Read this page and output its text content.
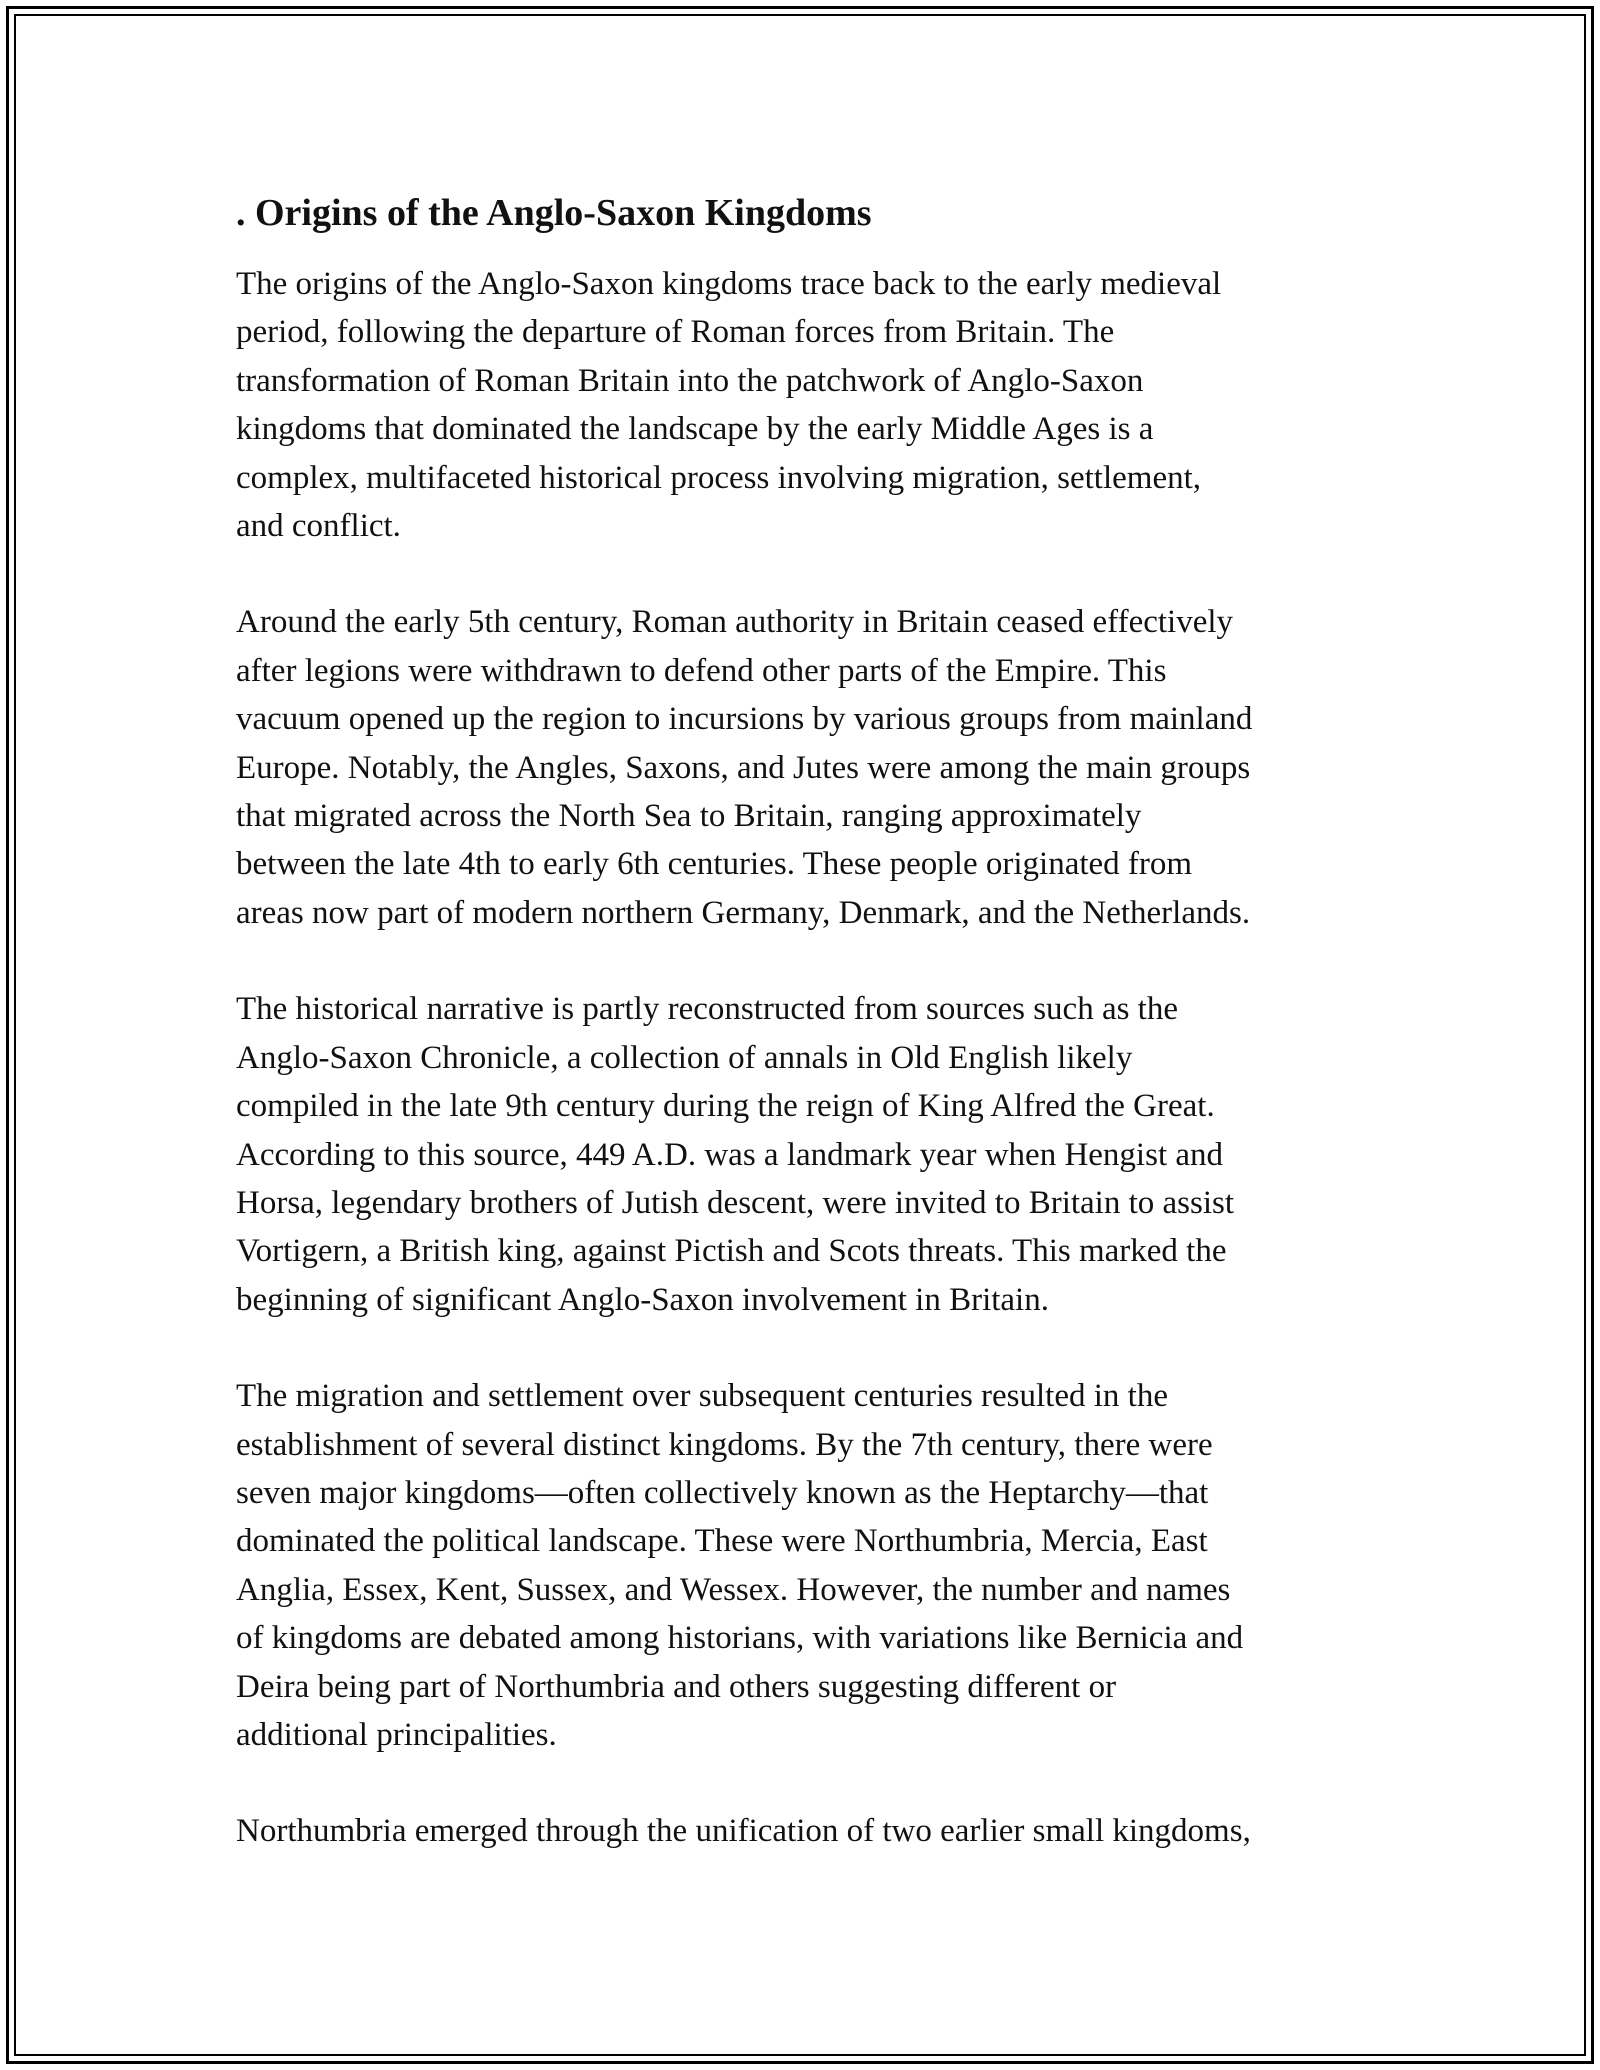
. Origins of the Anglo-Saxon Kingdoms

The origins of the Anglo-Saxon kingdoms trace back to the early medieval
period, following the departure of Roman forces from Britain. The
transformation of Roman Britain into the patchwork of Anglo-Saxon
kingdoms that dominated the landscape by the early Middle Ages is a
complex, multifaceted historical process involving migration, settlement,
and conflict.

Around the early 5th century, Roman authority in Britain ceased effectively
after legions were withdrawn to defend other parts of the Empire. This
vacuum opened up the region to incursions by various groups from mainland
Europe. Notably, the Angles, Saxons, and Jutes were among the main groups
that migrated across the North Sea to Britain, ranging approximately
between the late 4th to early 6th centuries. These people originated from
areas now part of modern northern Germany, Denmark, and the Netherlands.

The historical narrative is partly reconstructed from sources such as the
Anglo-Saxon Chronicle, a collection of annals in Old English likely
compiled in the late 9th century during the reign of King Alfred the Great.
According to this source, 449 A.D. was a landmark year when Hengist and
Horsa, legendary brothers of Jutish descent, were invited to Britain to assist
Vortigern, a British king, against Pictish and Scots threats. This marked the
beginning of significant Anglo-Saxon involvement in Britain.

The migration and settlement over subsequent centuries resulted in the
establishment of several distinct kingdoms. By the 7th century, there were
seven major kingdoms—often collectively known as the Heptarchy—that
dominated the political landscape. These were Northumbria, Mercia, East
Anglia, Essex, Kent, Sussex, and Wessex. However, the number and names
of kingdoms are debated among historians, with variations like Bernicia and
Deira being part of Northumbria and others suggesting different or
additional principalities.

Northumbria emerged through the unification of two earlier small kingdoms,
